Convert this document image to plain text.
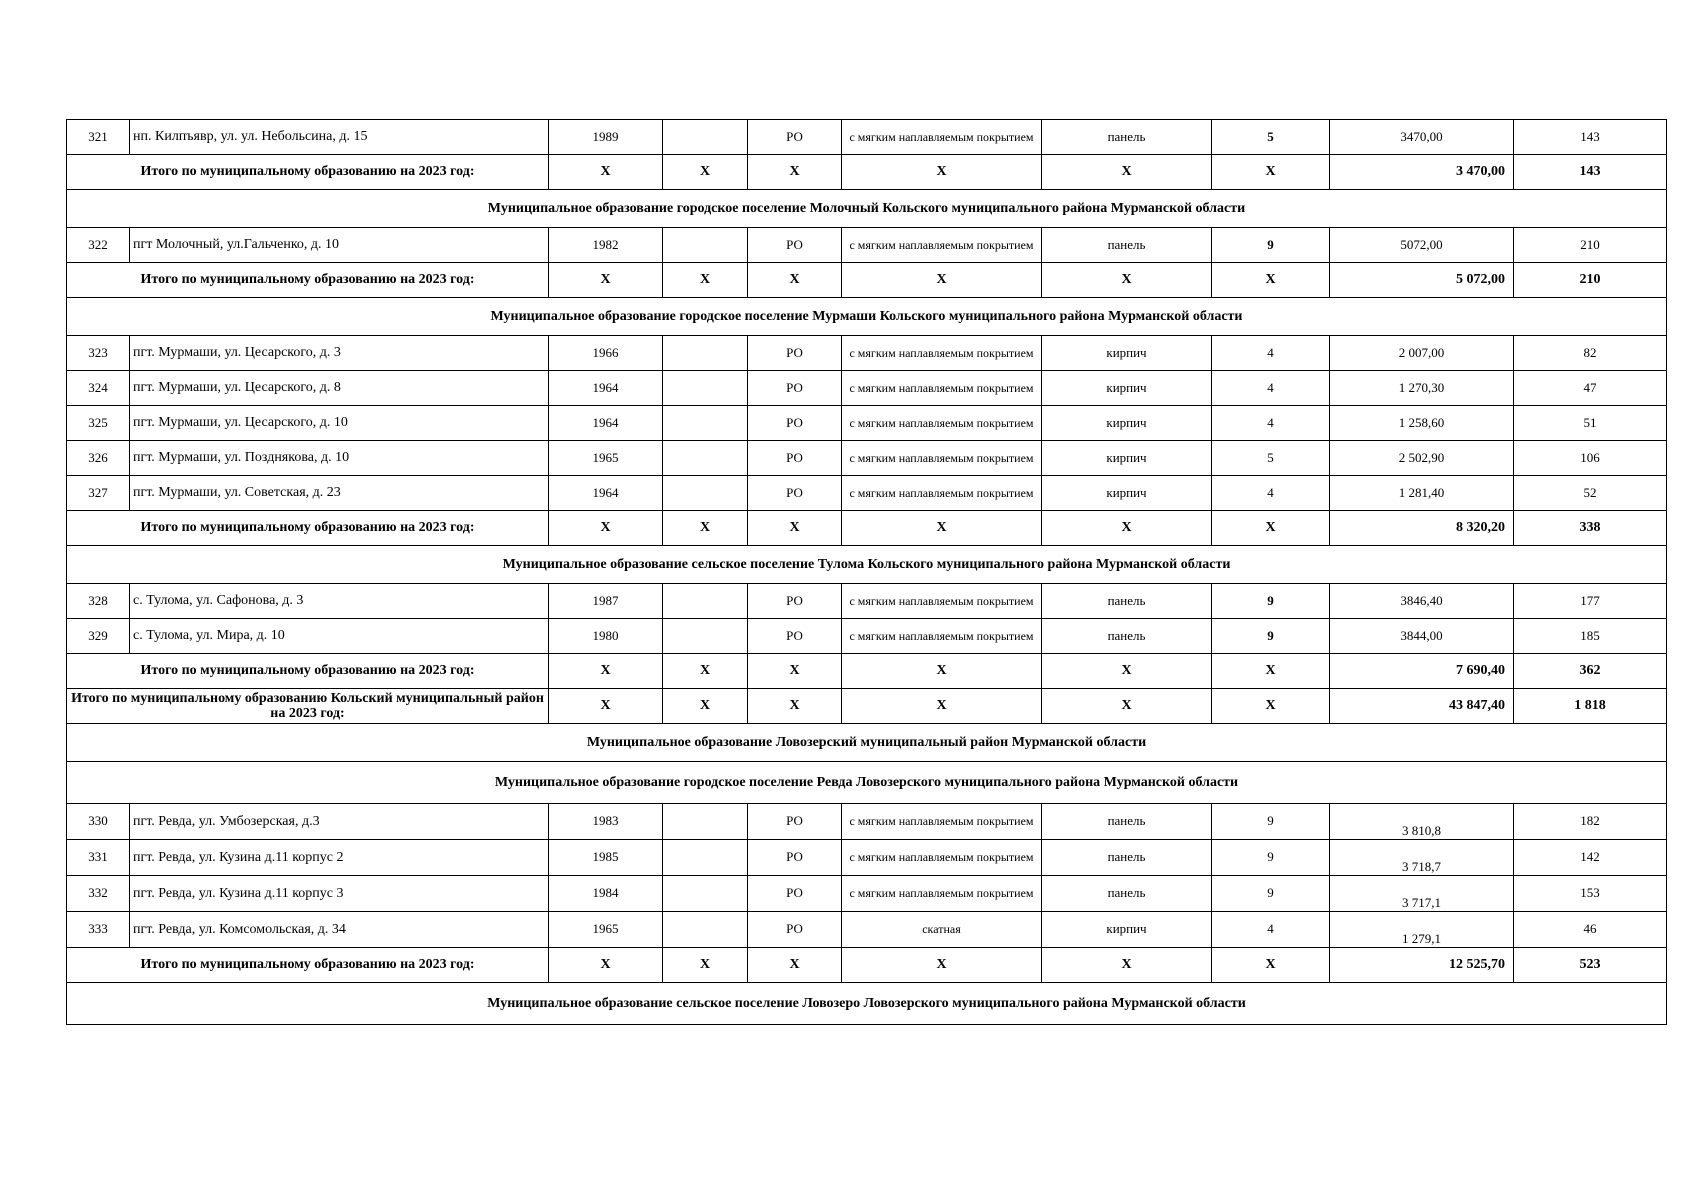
321	нп. Килпъявр, ул. ул. Небольсина, д. 15	1989		РО	с мягким наплавляемым покрытием	панель	5	3470,00	143
Итого по муниципальному образованию на 2023 год:		X	X	X	X	X	X	3 470,00	143
Муниципальное образование городское поселение Молочный Кольского муниципального района Мурманской области									
322	пгт Молочный, ул.Гальченко, д. 10	1982		РО	с мягким наплавляемым покрытием	панель	9	5072,00	210
Итого по муниципальному образованию на 2023 год:		X	X	X	X	X	X	5 072,00	210
Муниципальное образование городское поселение Мурмаши Кольского муниципального района Мурманской области									
323	пгт. Мурмаши, ул. Цесарского, д. 3	1966		РО	с мягким наплавляемым покрытием	кирпич	4	2 007,00	82
324	пгт. Мурмаши, ул. Цесарского, д. 8	1964		РО	с мягким наплавляемым покрытием	кирпич	4	1 270,30	47
325	пгт. Мурмаши, ул. Цесарского, д. 10	1964		РО	с мягким наплавляемым покрытием	кирпич	4	1 258,60	51
326	пгт. Мурмаши, ул. Позднякова, д. 10	1965		РО	с мягким наплавляемым покрытием	кирпич	5	2 502,90	106
327	пгт. Мурмаши, ул. Советская, д. 23	1964		РО	с мягким наплавляемым покрытием	кирпич	4	1 281,40	52
Итого по муниципальному образованию на 2023 год:		X	X	X	X	X	X	8 320,20	338
Муниципальное образование сельское поселение Тулома Кольского муниципального района Мурманской области									
328	с. Тулома, ул. Сафонова, д. 3	1987		РО	с мягким наплавляемым покрытием	панель	9	3846,40	177
329	с. Тулома, ул. Мира, д. 10	1980		РО	с мягким наплавляемым покрытием	панель	9	3844,00	185
Итого по муниципальному образованию на 2023 год:		X	X	X	X	X	X	7 690,40	362
Итого по муниципальному образованию Кольский муниципальный район на 2023 год:		X	X	X	X	X	X	43 847,40	1 818
Муниципальное образование Ловозерский муниципальный район Мурманской области									
Муниципальное образование городское поселение Ревда Ловозерского муниципального района Мурманской области									
330	пгт. Ревда, ул. Умбозерская, д.3	1983		РО	с мягким наплавляемым покрытием	панель	9	3 810,8	182
331	пгт. Ревда, ул. Кузина д.11 корпус 2	1985		РО	с мягким наплавляемым покрытием	панель	9	3 718,7	142
332	пгт. Ревда, ул. Кузина д.11 корпус 3	1984		РО	с мягким наплавляемым покрытием	панель	9	3 717,1	153
333	пгт. Ревда, ул. Комсомольская, д. 34	1965		РО	скатная	кирпич	4	1 279,1	46
Итого по муниципальному образованию на 2023 год:		X	X	X	X	X	X	12 525,70	523
Муниципальное образование сельское поселение Ловозеро Ловозерского муниципального района Мурманской области									
